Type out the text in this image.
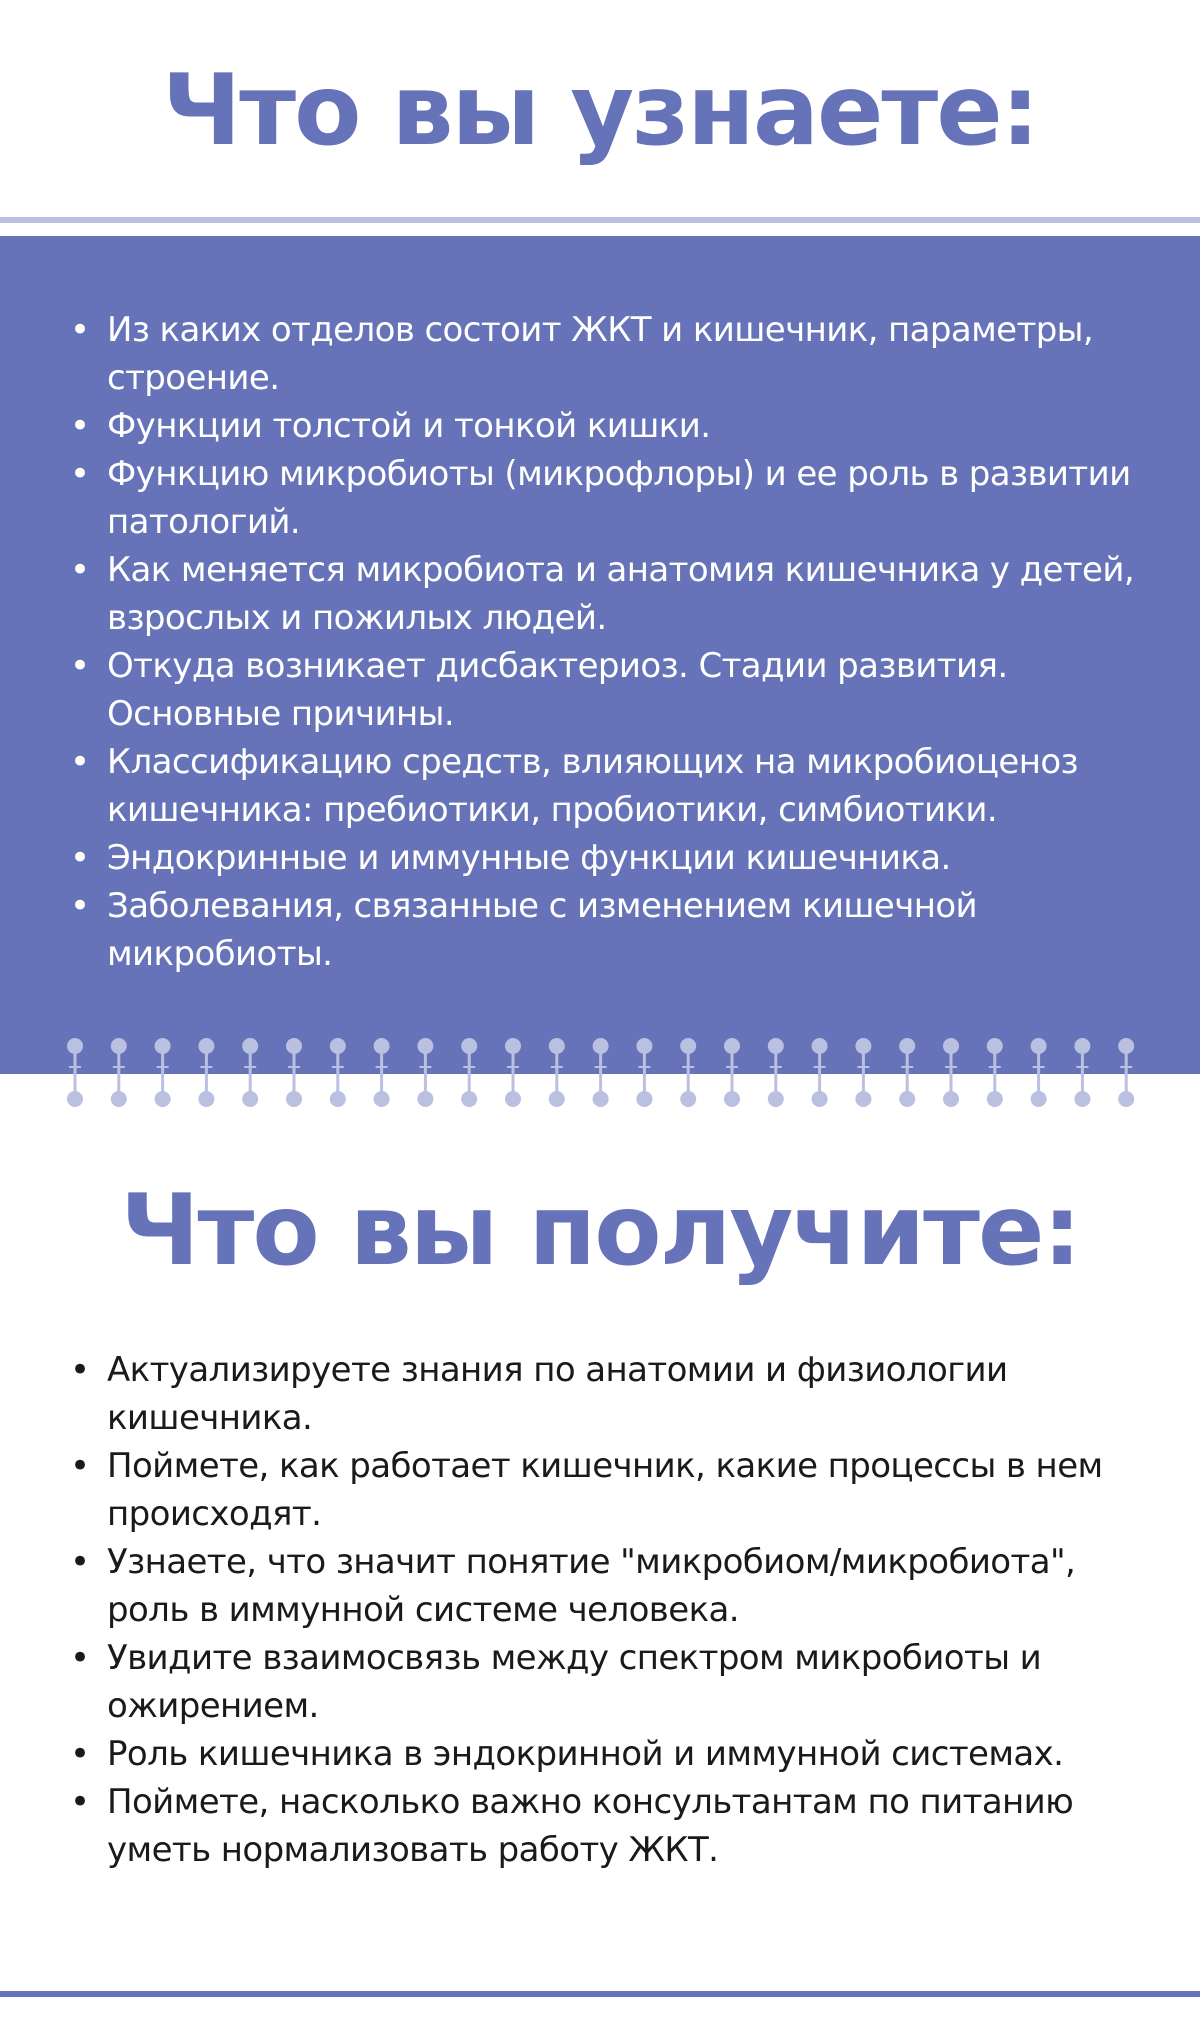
Что вы узнаете:
• Из каких отделов состоит ЖКТ и кишечник, параметры, строение.
• Функции толстой и тонкой кишки.
• Функцию микробиоты (микрофлоры) и ее роль в развитии патологий.
• Как меняется микробиота и анатомия кишечника у детей, взрослых и пожилых людей.
• Откуда возникает дисбактериоз. Стадии развития. Основные причины.
• Классификацию средств, влияющих на микробиоценоз кишечника: пребиотики, пробиотики, симбиотики.
• Эндокринные и иммунные функции кишечника.
• Заболевания, связанные с изменением кишечной микробиоты.
Что вы получите:
• Актуализируете знания по анатомии и физиологии кишечника.
• Поймете, как работает кишечник, какие процессы в нем происходят.
• Узнаете, что значит понятие "микробиом/микробиота", роль в иммунной системе человека.
• Увидите взаимосвязь между спектром микробиоты и ожирением.
• Роль кишечника в эндокринной и иммунной системах.
• Поймете, насколько важно консультантам по питанию уметь нормализовать работу ЖКТ.
